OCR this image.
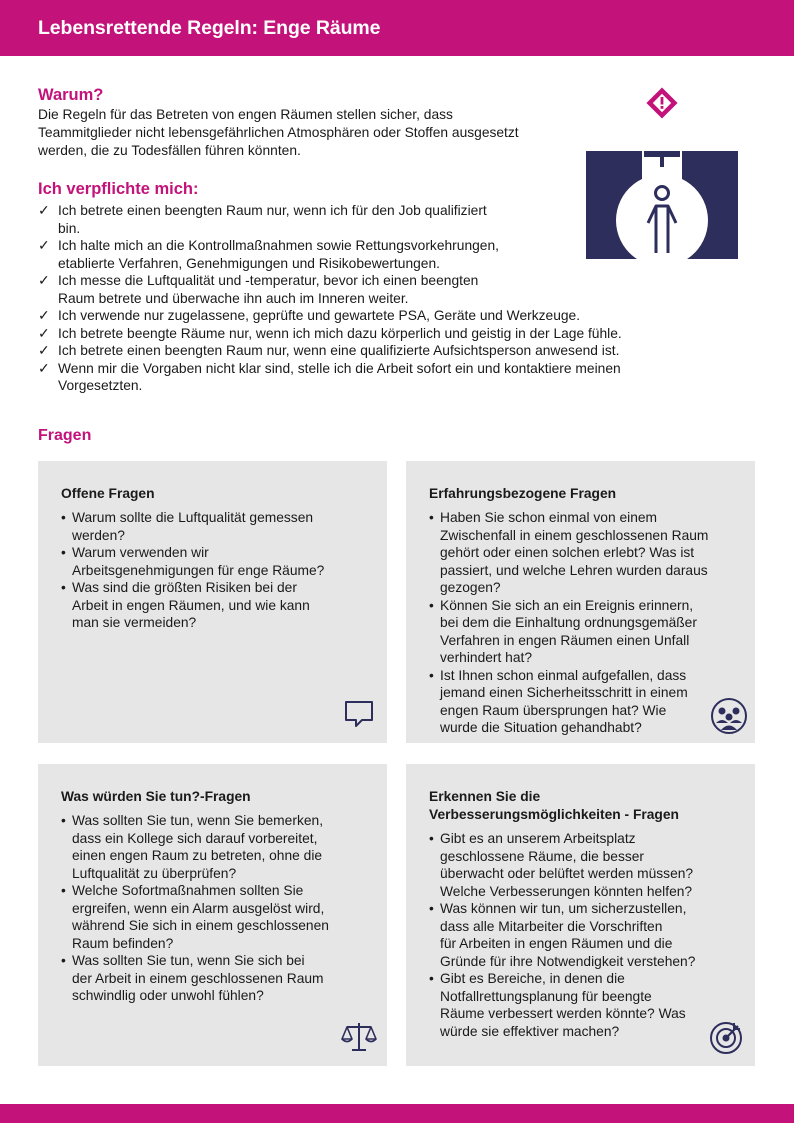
Lebensrettende Regeln: Enge Räume
Warum?

Die Regeln für das Betreten von engen Räumen stellen sicher, dass Teammitglieder nicht lebensgefährlichen Atmosphären oder Stoffen ausgesetzt werden, die zu Todesfällen führen könnten.

Ich verpflichte mich:
✓ Ich betrete einen beengten Raum nur, wenn ich für den Job qualifiziert
bin.
✓ Ich halte mich an die Kontrollmaßnahmen sowie Rettungsvorkehrungen,
etablierte Verfahren, Genehmigungen und Risikobewertungen.
✓ Ich messe die Luftqualität und -temperatur, bevor ich einen beengten
Raum betrete und überwache ihn auch im Inneren weiter.
✓ Ich verwende nur zugelassene, geprüfte und gewartete PSA, Geräte und Werkzeuge.
✓ Ich betrete beengte Räume nur, wenn ich mich dazu körperlich und geistig in der Lage fühle.
✓ Ich betrete einen beengten Raum nur, wenn eine qualifizierte Aufsichtsperson anwesend ist.
✓ Wenn mir die Vorgaben nicht klar sind, stelle ich die Arbeit sofort ein und kontaktiere meinen
Vorgesetzten.
Fragen
Offene Fragen
• Warum sollte die Luftqualität gemessen
werden?
• Warum verwenden wir
Arbeitsgenehmigungen für enge Räume?
• Was sind die größten Risiken bei der
Arbeit in engen Räumen, und wie kann
man sie vermeiden?
Erfahrungsbezogene Fragen
• Haben Sie schon einmal von einem
Zwischenfall in einem geschlossenen Raum
gehört oder einen solchen erlebt? Was ist
passiert, und welche Lehren wurden daraus
gezogen?
• Können Sie sich an ein Ereignis erinnern,
bei dem die Einhaltung ordnungsgemäßer
Verfahren in engen Räumen einen Unfall
verhindert hat?
• Ist Ihnen schon einmal aufgefallen, dass
jemand einen Sicherheitsschritt in einem
engen Raum übersprungen hat? Wie
wurde die Situation gehandhabt?
Was würden Sie tun?-Fragen
• Was sollten Sie tun, wenn Sie bemerken,
dass ein Kollege sich darauf vorbereitet,
einen engen Raum zu betreten, ohne die
Luftqualität zu überprüfen?
• Welche Sofortmaßnahmen sollten Sie
ergreifen, wenn ein Alarm ausgelöst wird,
während Sie sich in einem geschlossenen
Raum befinden?
• Was sollten Sie tun, wenn Sie sich bei
der Arbeit in einem geschlossenen Raum
schwindlig oder unwohl fühlen?
Erkennen Sie die
Verbesserungsmöglichkeiten - Fragen
• Gibt es an unserem Arbeitsplatz
geschlossene Räume, die besser
überwacht oder belüftet werden müssen?
Welche Verbesserungen könnten helfen?
• Was können wir tun, um sicherzustellen,
dass alle Mitarbeiter die Vorschriften
für Arbeiten in engen Räumen und die
Gründe für ihre Notwendigkeit verstehen?
• Gibt es Bereiche, in denen die
Notfallrettungsplanung für beengte
Räume verbessert werden könnte? Was
würde sie effektiver machen?
